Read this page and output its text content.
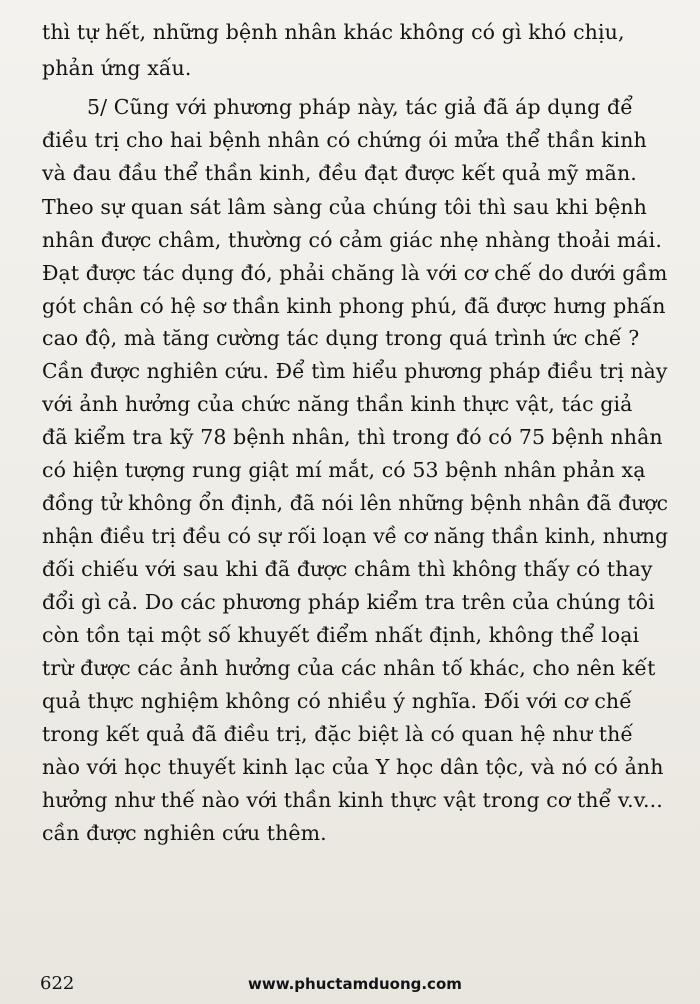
thì tự hết, những bệnh nhân khác không có gì khó chịu,
phản ứng xấu.
5/ Cũng với phương pháp này, tác giả đã áp dụng để
điều trị cho hai bệnh nhân có chứng ói mửa thể thần kinh
và đau đầu thể thần kinh, đều đạt được kết quả mỹ mãn.
Theo sự quan sát lâm sàng của chúng tôi thì sau khi bệnh
nhân được châm, thường có cảm giác nhẹ nhàng thoải mái.
Đạt được tác dụng đó, phải chăng là với cơ chế do dưới gầm
gót chân có hệ sơ thần kinh phong phú, đã được hưng phấn
cao độ, mà tăng cường tác dụng trong quá trình ức chế ?
Cần được nghiên cứu. Để tìm hiểu phương pháp điều trị này
với ảnh hưởng của chức năng thần kinh thực vật, tác giả
đã kiểm tra kỹ 78 bệnh nhân, thì trong đó có 75 bệnh nhân
có hiện tượng rung giật mí mắt, có 53 bệnh nhân phản xạ
đồng tử không ổn định, đã nói lên những bệnh nhân đã được
nhận điều trị đều có sự rối loạn về cơ năng thần kinh, nhưng
đối chiếu với sau khi đã được châm thì không thấy có thay
đổi gì cả. Do các phương pháp kiểm tra trên của chúng tôi
còn tồn tại một số khuyết điểm nhất định, không thể loại
trừ được các ảnh hưởng của các nhân tố khác, cho nên kết
quả thực nghiệm không có nhiều ý nghĩa. Đối với cơ chế
trong kết quả đã điều trị, đặc biệt là có quan hệ như thế
nào với học thuyết kinh lạc của Y học dân tộc, và nó có ảnh
hưởng như thế nào với thần kinh thực vật trong cơ thể v.v...
cần được nghiên cứu thêm.
622	www.phuctamduong.com
